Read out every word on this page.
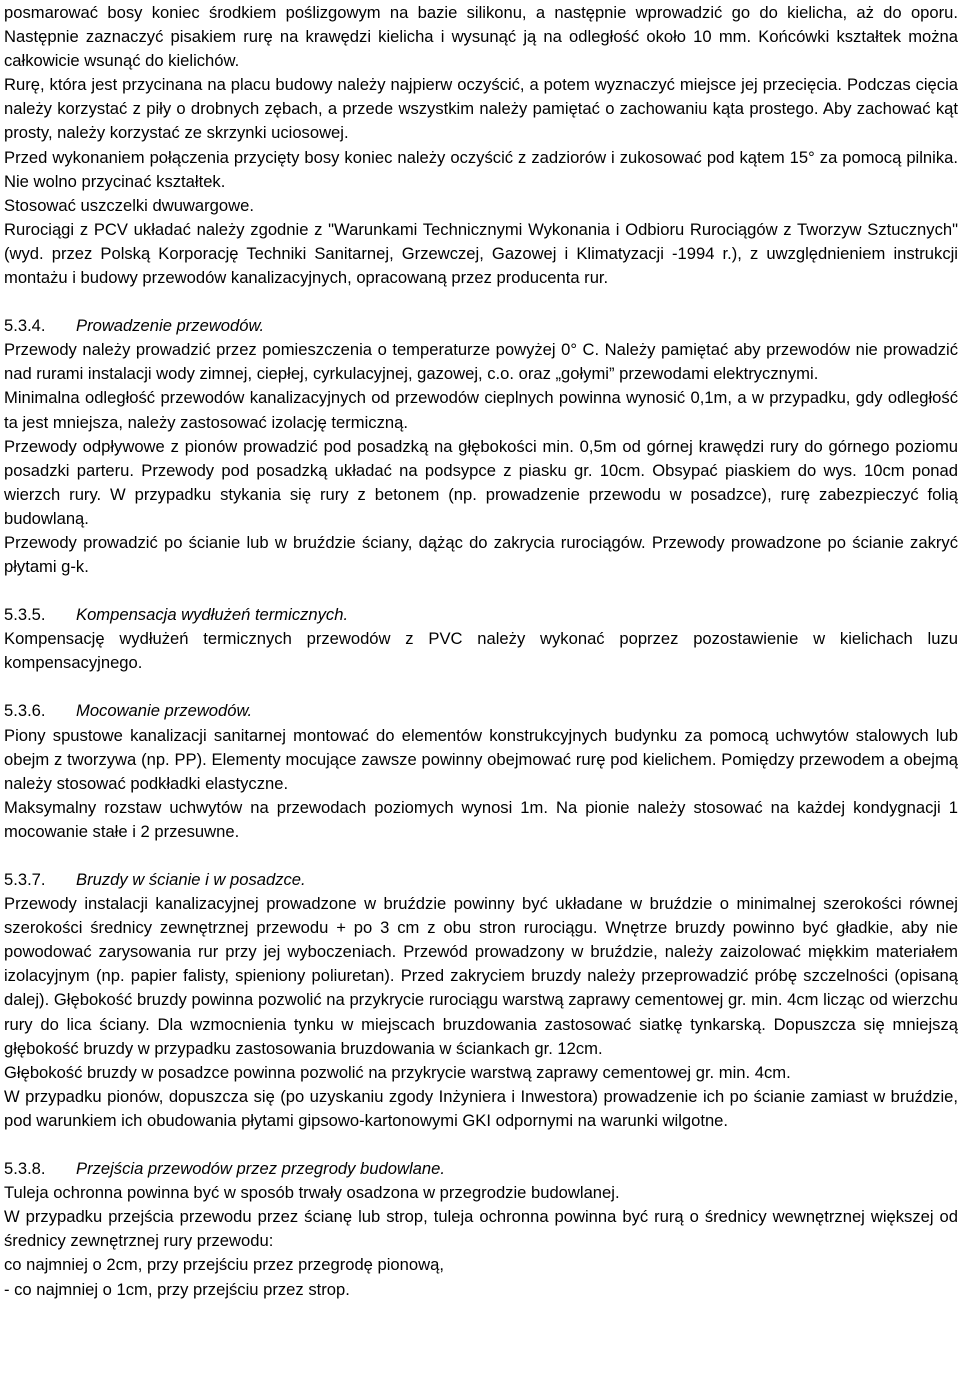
posmarować bosy koniec środkiem poślizgowym na bazie silikonu, a następnie wprowadzić go do kielicha, aż do oporu. Następnie zaznaczyć pisakiem rurę na krawędzi kielicha i wysunąć ją na odległość około 10 mm. Końcówki kształtek można całkowicie wsunąć do kielichów.

Rurę, która jest przycinana na placu budowy należy najpierw oczyścić, a potem wyznaczyć miejsce jej przecięcia. Podczas cięcia należy korzystać z piły o drobnych zębach, a przede wszystkim należy pamiętać o zachowaniu kąta prostego. Aby zachować kąt prosty, należy korzystać ze skrzynki uciosowej.

Przed wykonaniem połączenia przycięty bosy koniec należy oczyścić z zadziorów i zukosować pod kątem 15° za pomocą pilnika. Nie wolno przycinać kształtek.

Stosować uszczelki dwuwargowe.

Rurociągi z PCV układać należy zgodnie z "Warunkami Technicznymi Wykonania i Odbioru Rurociągów z Tworzyw Sztucznych" (wyd. przez Polską Korporację Techniki Sanitarnej, Grzewczej, Gazowej i Klimatyzacji -1994 r.), z uwzględnieniem instrukcji montażu i budowy przewodów kanalizacyjnych, opracowaną przez producenta rur.

5.3.4. Prowadzenie przewodów.

Przewody należy prowadzić przez pomieszczenia o temperaturze powyżej 0° C. Należy pamiętać aby przewodów nie prowadzić nad rurami instalacji wody zimnej, ciepłej, cyrkulacyjnej, gazowej, c.o. oraz „gołymi” przewodami elektrycznymi.

Minimalna odległość przewodów kanalizacyjnych od przewodów cieplnych powinna wynosić 0,1m, a w przypadku, gdy odległość ta jest mniejsza, należy zastosować izolację termiczną.

Przewody odpływowe z pionów prowadzić pod posadzką na głębokości min. 0,5m od górnej krawędzi rury do górnego poziomu posadzki parteru. Przewody pod posadzką układać na podsypce z piasku gr. 10cm. Obsypać piaskiem do wys. 10cm ponad wierzch rury. W przypadku stykania się rury z betonem (np. prowadzenie przewodu w posadzce), rurę zabezpieczyć folią budowlaną.

Przewody prowadzić po ścianie lub w bruździe ściany, dążąc do zakrycia rurociągów. Przewody prowadzone po ścianie zakryć płytami g-k.

5.3.5. Kompensacja wydłużeń termicznych.

Kompensację wydłużeń termicznych przewodów z PVC należy wykonać poprzez pozostawienie w kielichach luzu kompensacyjnego.

5.3.6. Mocowanie przewodów.

Piony spustowe kanalizacji sanitarnej montować do elementów konstrukcyjnych budynku za pomocą uchwytów stalowych lub obejm z tworzywa (np. PP). Elementy mocujące zawsze powinny obejmować rurę pod kielichem. Pomiędzy przewodem a obejmą należy stosować podkładki elastyczne.

Maksymalny rozstaw uchwytów na przewodach poziomych wynosi 1m. Na pionie należy stosować na każdej kondygnacji 1 mocowanie stałe i 2 przesuwne.

5.3.7. Bruzdy w ścianie i w posadzce.

Przewody instalacji kanalizacyjnej prowadzone w bruździe powinny być układane w bruździe o minimalnej szerokości równej szerokości średnicy zewnętrznej przewodu + po 3 cm z obu stron rurociągu. Wnętrze bruzdy powinno być gładkie, aby nie powodować zarysowania rur przy jej wyboczeniach. Przewód prowadzony w bruździe, należy zaizolować miękkim materiałem izolacyjnym (np. papier falisty, spieniony poliuretan). Przed zakryciem bruzdy należy przeprowadzić próbę szczelności (opisaną dalej). Głębokość bruzdy powinna pozwolić na przykrycie rurociągu warstwą zaprawy cementowej gr. min. 4cm licząc od wierzchu rury do lica ściany. Dla wzmocnienia tynku w miejscach bruzdowania zastosować siatkę tynkarską. Dopuszcza się mniejszą głębokość bruzdy w przypadku zastosowania bruzdowania w ściankach gr. 12cm.

Głębokość bruzdy w posadzce powinna pozwolić na przykrycie warstwą zaprawy cementowej gr. min. 4cm.

W przypadku pionów, dopuszcza się (po uzyskaniu zgody Inżyniera i Inwestora) prowadzenie ich po ścianie zamiast w bruździe, pod warunkiem ich obudowania płytami gipsowo-kartonowymi GKI odpornymi na warunki wilgotne.

5.3.8. Przejścia przewodów przez przegrody budowlane.

Tuleja ochronna powinna być w sposób trwały osadzona w przegrodzie budowlanej.

W przypadku przejścia przewodu przez ścianę lub strop, tuleja ochronna powinna być rurą o średnicy wewnętrznej większej od średnicy zewnętrznej rury przewodu:

co najmniej o 2cm, przy przejściu przez przegrodę pionową,

- co najmniej o 1cm, przy przejściu przez strop.
